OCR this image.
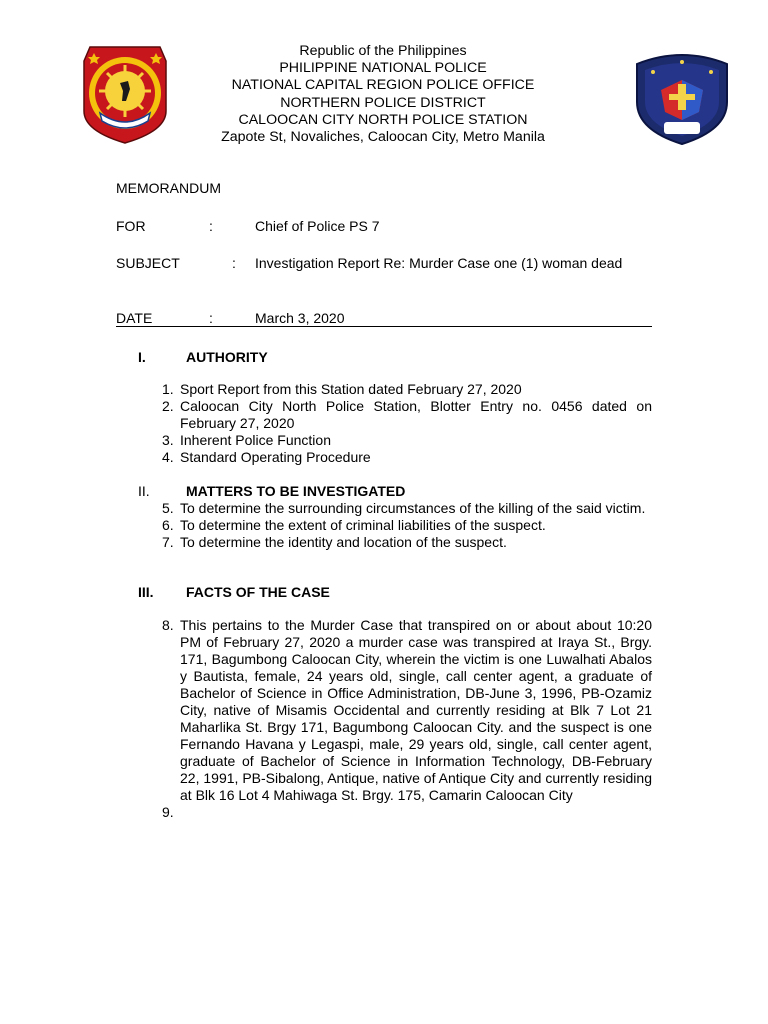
Republic of the Philippines
PHILIPPINE NATIONAL POLICE
NATIONAL CAPITAL REGION POLICE OFFICE
NORTHERN POLICE DISTRICT
CALOOCAN CITY NORTH POLICE STATION
Zapote St, Novaliches, Caloocan City, Metro Manila
MEMORANDUM
FOR	:	Chief of Police PS 7
SUBJECT	: Investigation Report Re: Murder Case one (1) woman dead
DATE	:	March 3, 2020
I.	AUTHORITY
1. Sport Report from this Station dated February 27, 2020
2. Caloocan City North Police Station, Blotter Entry no. 0456 dated on February 27, 2020
3. Inherent Police Function
4. Standard Operating Procedure
II.	MATTERS TO BE INVESTIGATED
5. To determine the surrounding circumstances of the killing of the said victim.
6. To determine the extent of criminal liabilities of the suspect.
7. To determine the identity and location of the suspect.
III. FACTS OF THE CASE
8. This pertains to the Murder Case that transpired on or about about 10:20 PM of February 27, 2020 a murder case was transpired at Iraya St., Brgy. 171, Bagumbong Caloocan City, wherein the victim is one Luwalhati Abalos y Bautista, female, 24 years old, single, call center agent, a graduate of Bachelor of Science in Office Administration, DB-June 3, 1996, PB-Ozamiz City, native of Misamis Occidental and currently residing at Blk 7 Lot 21 Maharlika St. Brgy 171, Bagumbong Caloocan City. and the suspect is one Fernando Havana y Legaspi, male, 29 years old, single, call center agent, graduate of Bachelor of Science in Information Technology, DB-February 22, 1991, PB-Sibalong, Antique, native of Antique City and currently residing at Blk 16 Lot 4 Mahiwaga St. Brgy. 175, Camarin Caloocan City
9.
